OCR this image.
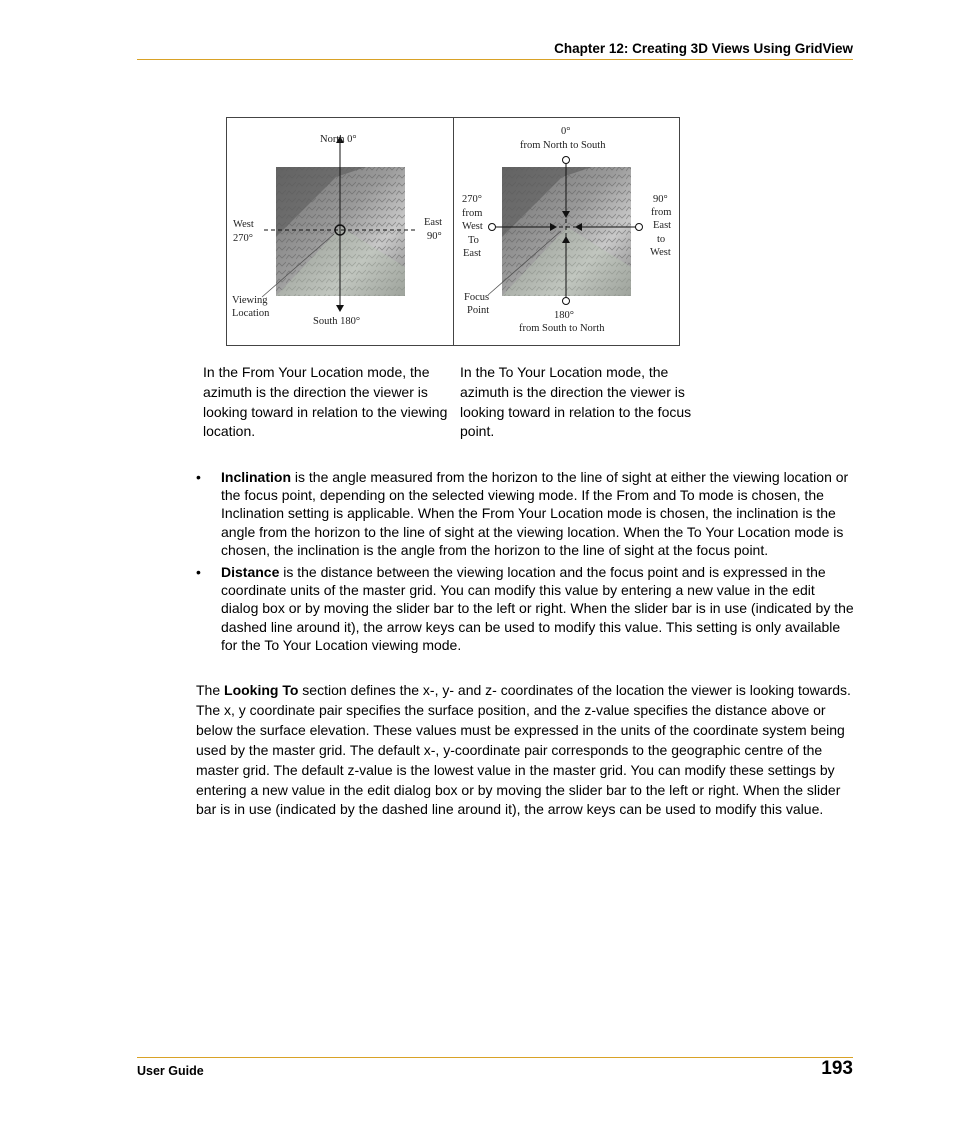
Chapter 12: Creating 3D Views Using GridView
North 0°
West
270°
East
90°
South 180°
Viewing
Location
0°
from North to South
270°
from
West
To
East
90°
from
East
to
West
Focus
Point	180°
from South to North
In the From Your Location mode, the azimuth is the direction the viewer is looking toward in relation to the viewing location.
In the To Your Location mode, the azimuth is the direction the viewer is looking toward in relation to the focus point.
• Inclination is the angle measured from the horizon to the line of sight at either the viewing location or the focus point, depending on the selected viewing mode. If the From and To mode is chosen, the Inclination setting is applicable. When the From Your Location mode is chosen, the inclination is the angle from the horizon to the line of sight at the viewing location. When the To Your Location mode is chosen, the inclination is the angle from the horizon to the line of sight at the focus point.
• Distance is the distance between the viewing location and the focus point and is expressed in the coordinate units of the master grid. You can modify this value by entering a new value in the edit dialog box or by moving the slider bar to the left or right. When the slider bar is in use (indicated by the dashed line around it), the arrow keys can be used to modify this value. This setting is only available for the To Your Location viewing mode.
The Looking To section defines the x-, y- and z- coordinates of the location the viewer is looking towards. The x, y coordinate pair specifies the surface position, and the z-value specifies the distance above or below the surface elevation. These values must be expressed in the units of the coordinate system being used by the master grid. The default x-, y-coordinate pair corresponds to the geographic centre of the master grid. The default z-value is the lowest value in the master grid. You can modify these settings by entering a new value in the edit dialog box or by moving the slider bar to the left or right. When the slider bar is in use (indicated by the dashed line around it), the arrow keys can be used to modify this value.
User Guide	193
